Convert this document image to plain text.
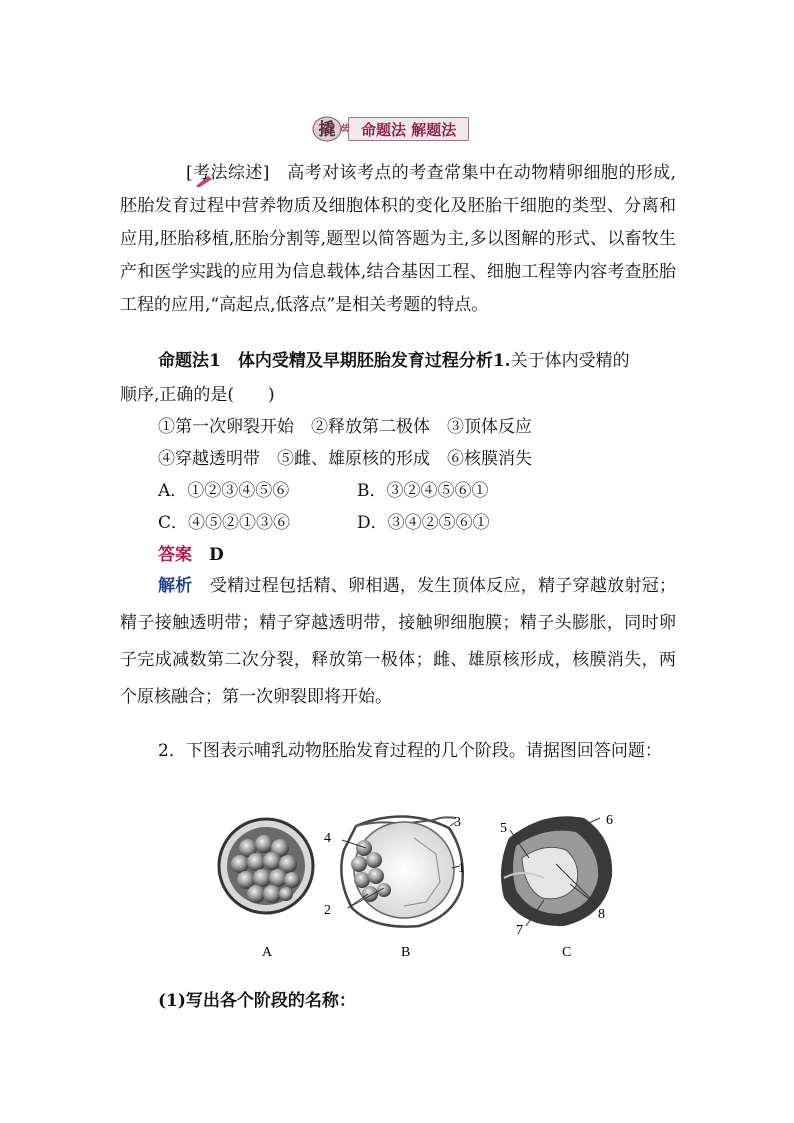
撬 法 命题法 解题法
[考法综述]　 高考对该考点的考查常集中在动物精卵细胞的形成,胚胎发育过程中营养物质及细胞体积的变化及胚胎干细胞的类型、分离和应用,胚胎移植,胚胎分割等,题型以简答题为主,多以图解的形式、以畜牧生产和医学实践的应用为信息载体,结合基因工程、细胞工程等内容考查胚胎工程的应用,“高起点,低落点”是相关考题的特点。
命题法1　 体内受精及早期胚胎发育过程分析1.关于体内受精的
顺序,正确的是(　　)
①第一次卵裂开始　②释放第二极体　③顶体反应
④穿越透明带　⑤雌、雄原核的形成　⑥核膜消失
A．①②③④⑤⑥	B．③②④⑤⑥①
C．④⑤②①③⑥	D．③④②⑤⑥①
答案　 D
解析　 受精过程包括精、卵相遇，发生顶体反应，精子穿越放射冠；精子接触透明带；精子穿越透明带，接触卵细胞膜；精子头膨胀，同时卵子完成减数第二次分裂，释放第一极体；雌、雄原核形成，核膜消失，两个原核融合；第一次卵裂即将开始。
2．下图表示哺乳动物胚胎发育过程的几个阶段。请据图回答问题：
A	B	C
1
2
3
4
5
6
7
8
(1)写出各个阶段的名称：
